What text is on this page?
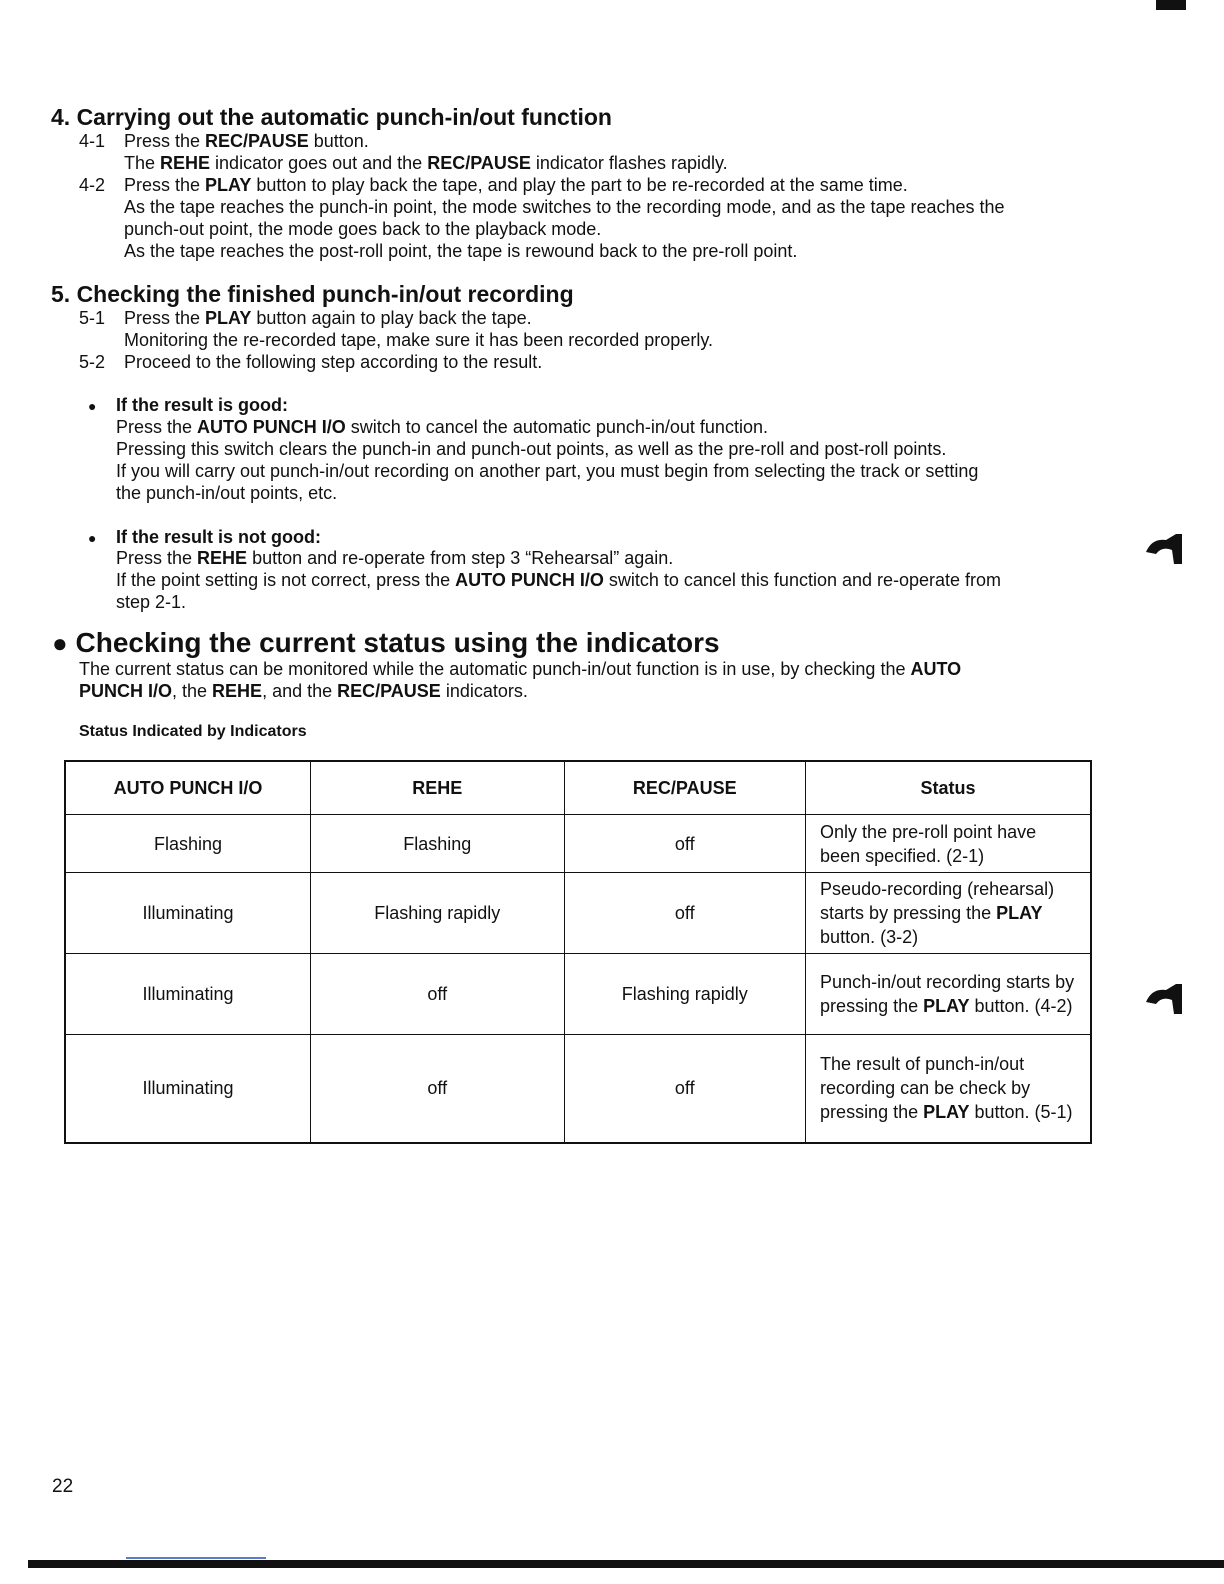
4. Carrying out the automatic punch-in/out function
4-1 Press the REC/PAUSE button.
The REHE indicator goes out and the REC/PAUSE indicator flashes rapidly.
4-2 Press the PLAY button to play back the tape, and play the part to be re-recorded at the same time.
As the tape reaches the punch-in point, the mode switches to the recording mode, and as the tape reaches the
punch-out point, the mode goes back to the playback mode.
As the tape reaches the post-roll point, the tape is rewound back to the pre-roll point.
5. Checking the finished punch-in/out recording
5-1 Press the PLAY button again to play back the tape.
Monitoring the re-recorded tape, make sure it has been recorded properly.
5-2 Proceed to the following step according to the result.
● If the result is good:
Press the AUTO PUNCH I/O switch to cancel the automatic punch-in/out function.
Pressing this switch clears the punch-in and punch-out points, as well as the pre-roll and post-roll points.
If you will carry out punch-in/out recording on another part, you must begin from selecting the track or setting
the punch-in/out points, etc.
● If the result is not good:
Press the REHE button and re-operate from step 3 “Rehearsal” again.
If the point setting is not correct, press the AUTO PUNCH I/O switch to cancel this function and re-operate from
step 2-1.
● Checking the current status using the indicators
The current status can be monitored while the automatic punch-in/out function is in use, by checking the AUTO
PUNCH I/O, the REHE, and the REC/PAUSE indicators.
Status Indicated by Indicators
AUTO PUNCH I/O	REHE	REC/PAUSE	Status
Flashing	Flashing	off	Only the pre-roll point have been specified. (2-1)
Illuminating	Flashing rapidly	off	Pseudo-recording (rehearsal) starts by pressing the PLAY button. (3-2)
Illuminating	off	Flashing rapidly	Punch-in/out recording starts by pressing the PLAY button. (4-2)
Illuminating	off	off	The result of punch-in/out recording can be check by pressing the PLAY button. (5-1)
22
